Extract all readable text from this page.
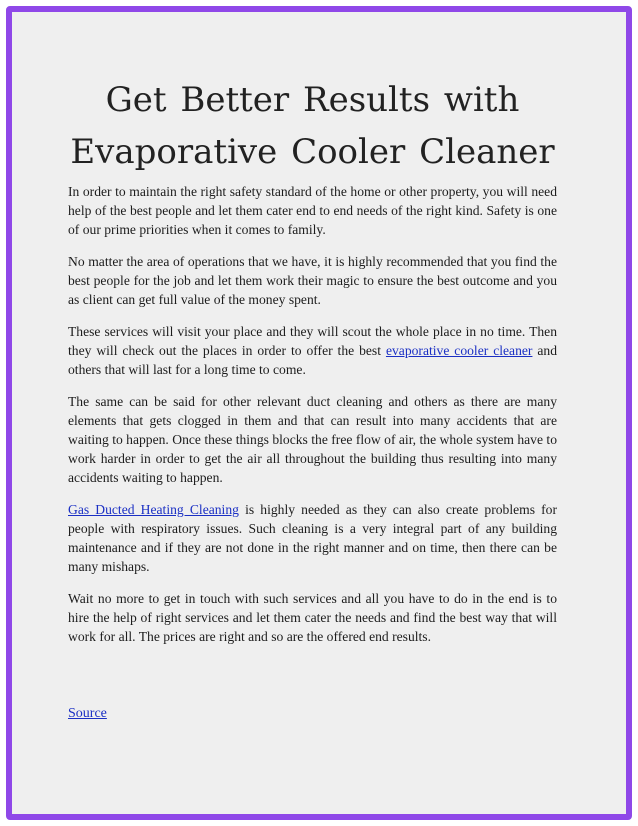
Get Better Results with
Evaporative Cooler Cleaner

In order to maintain the right safety standard of the home or other property, you will need help of the best people and let them cater end to end needs of the right kind. Safety is one of our prime priorities when it comes to family.

No matter the area of operations that we have, it is highly recommended that you find the best people for the job and let them work their magic to ensure the best outcome and you as client can get full value of the money spent.

These services will visit your place and they will scout the whole place in no time. Then they will check out the places in order to offer the best evaporative cooler cleaner and others that will last for a long time to come.

The same can be said for other relevant duct cleaning and others as there are many elements that gets clogged in them and that can result into many accidents that are waiting to happen. Once these things blocks the free flow of air, the whole system have to work harder in order to get the air all throughout the building thus resulting into many accidents waiting to happen.

Gas Ducted Heating Cleaning is highly needed as they can also create problems for people with respiratory issues. Such cleaning is a very integral part of any building maintenance and if they are not done in the right manner and on time, then there can be many mishaps.

Wait no more to get in touch with such services and all you have to do in the end is to hire the help of right services and let them cater the needs and find the best way that will work for all. The prices are right and so are the offered end results.

Source
